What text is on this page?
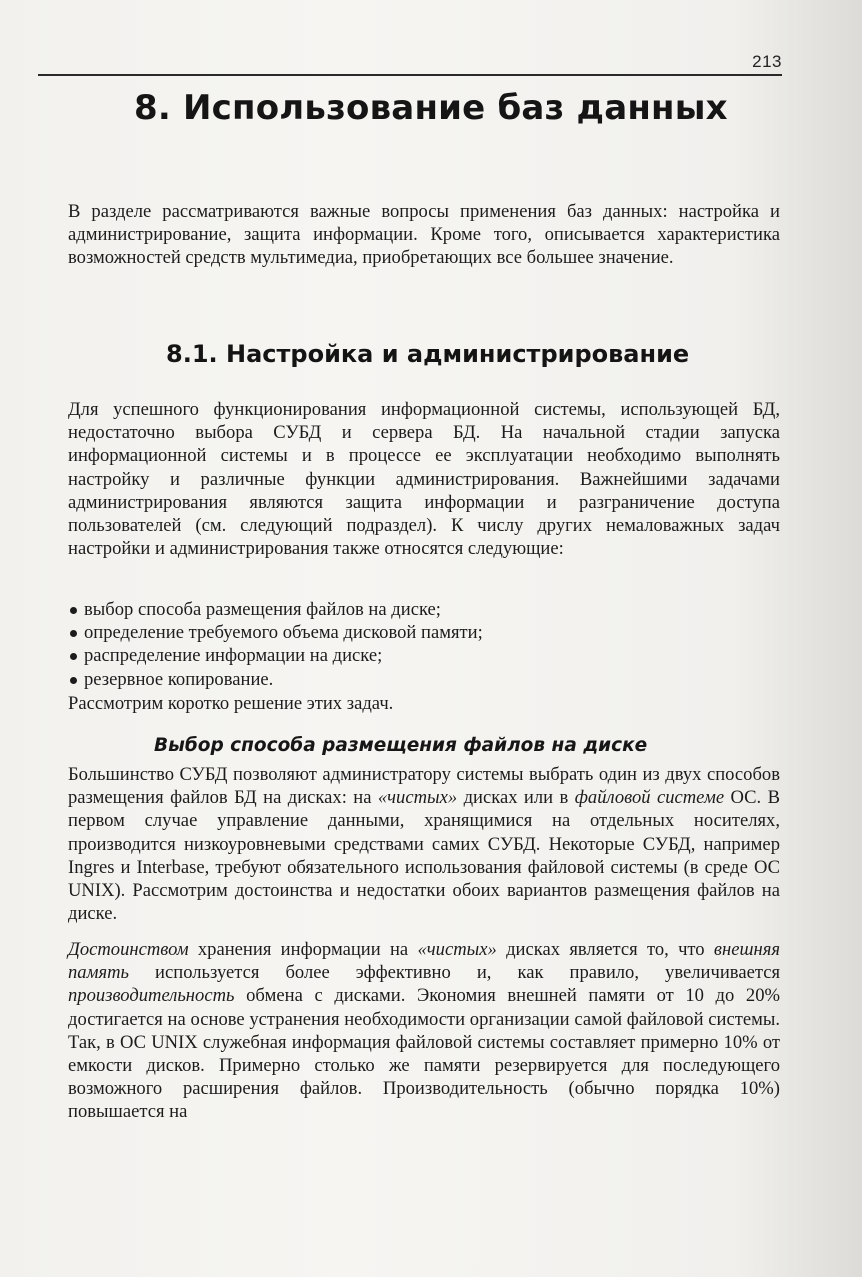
213
8. Использование баз данных

В разделе рассматриваются важные вопросы применения баз данных: настройка и администрирование, защита информации. Кроме того, описывается характеристика возможностей средств мультимедиа, приобретающих все большее значение.

8.1. Настройка и администрирование

Для успешного функционирования информационной системы, использующей БД, недостаточно выбора СУБД и сервера БД. На начальной стадии запуска информационной системы и в процессе ее эксплуатации необходимо выполнять настройку и различные функции администрирования. Важнейшими задачами администрирования являются защита информации и разграничение доступа пользователей (см. следующий подраздел). К числу других немаловажных задач настройки и администрирования также относятся следующие:

выбор способа размещения файлов на диске;
определение требуемого объема дисковой памяти;
распределение информации на диске;
резервное копирование.

Рассмотрим коротко решение этих задач.

Выбор способа размещения файлов на диске

Большинство СУБД позволяют администратору системы выбрать один из двух способов размещения файлов БД на дисках: на «чистых» дисках или в файловой системе ОС. В первом случае управление данными, хранящимися на отдельных носителях, производится низкоуровневыми средствами самих СУБД. Некоторые СУБД, например Ingres и Interbase, требуют обязательного использования файловой системы (в среде ОС UNIX). Рассмотрим достоинства и недостатки обоих вариантов размещения файлов на диске.

Достоинством хранения информации на «чистых» дисках является то, что внешняя память используется более эффективно и, как правило, увеличивается производительность обмена с дисками. Экономия внешней памяти от 10 до 20% достигается на основе устранения необходимости организации самой файловой системы. Так, в ОС UNIX служебная информация файловой системы составляет примерно 10% от емкости дисков. Примерно столько же памяти резервируется для последующего возможного расширения файлов. Производительность (обычно порядка 10%) повышается на
